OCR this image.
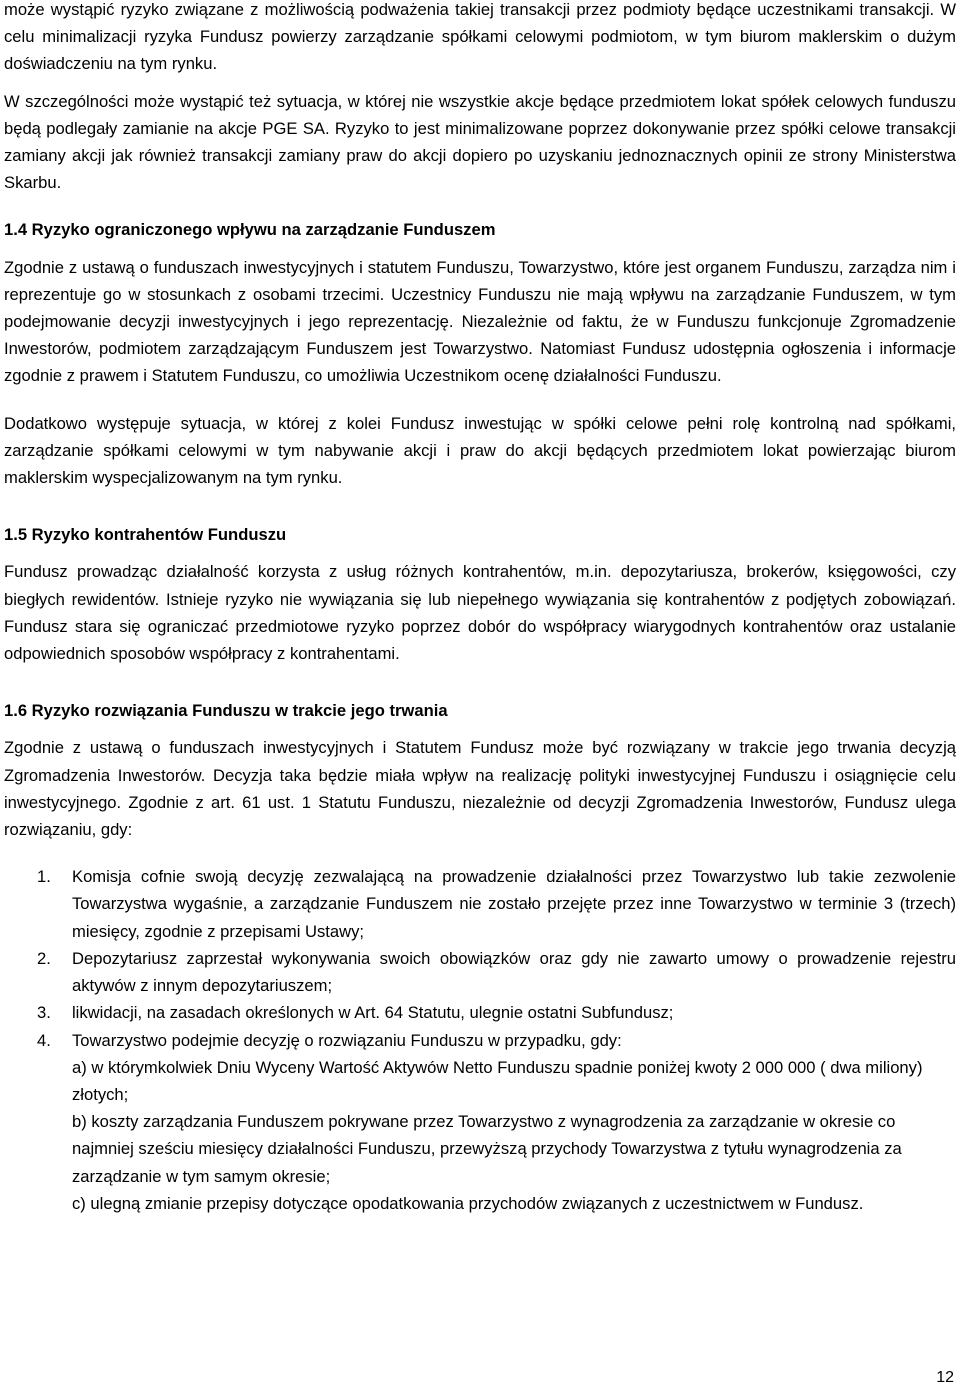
może wystąpić ryzyko związane z możliwością podważenia takiej transakcji przez podmioty będące uczestnikami transakcji. W celu minimalizacji ryzyka Fundusz powierzy zarządzanie spółkami celowymi podmiotom, w tym biurom maklerskim o dużym doświadczeniu na tym rynku.

W szczególności może wystąpić też sytuacja, w której nie wszystkie akcje będące przedmiotem lokat spółek celowych funduszu będą podlegały zamianie na akcje PGE SA. Ryzyko to jest minimalizowane poprzez dokonywanie przez spółki celowe transakcji zamiany akcji jak również transakcji zamiany praw do akcji dopiero po uzyskaniu jednoznacznych opinii ze strony Ministerstwa Skarbu.

1.4 Ryzyko ograniczonego wpływu na zarządzanie Funduszem

Zgodnie z ustawą o funduszach inwestycyjnych i statutem Funduszu, Towarzystwo, które jest organem Funduszu, zarządza nim i reprezentuje go w stosunkach z osobami trzecimi. Uczestnicy Funduszu nie mają wpływu na zarządzanie Funduszem, w tym podejmowanie decyzji inwestycyjnych i jego reprezentację. Niezależnie od faktu, że w Funduszu funkcjonuje Zgromadzenie Inwestorów, podmiotem zarządzającym Funduszem jest Towarzystwo. Natomiast Fundusz udostępnia ogłoszenia i informacje zgodnie z prawem i Statutem Funduszu, co umożliwia Uczestnikom ocenę działalności Funduszu.

Dodatkowo występuje sytuacja, w której z kolei Fundusz inwestując w spółki celowe pełni rolę kontrolną nad spółkami, zarządzanie spółkami celowymi w tym nabywanie akcji i praw do akcji będących przedmiotem lokat powierzając biurom maklerskim wyspecjalizowanym na tym rynku.

1.5 Ryzyko kontrahentów Funduszu

Fundusz prowadząc działalność korzysta z usług różnych kontrahentów, m.in. depozytariusza, brokerów, księgowości, czy biegłych rewidentów. Istnieje ryzyko nie wywiązania się lub niepełnego wywiązania się kontrahentów z podjętych zobowiązań. Fundusz stara się ograniczać przedmiotowe ryzyko poprzez dobór do współpracy wiarygodnych kontrahentów oraz ustalanie odpowiednich sposobów współpracy z kontrahentami.

1.6 Ryzyko rozwiązania Funduszu w trakcie jego trwania

Zgodnie z ustawą o funduszach inwestycyjnych i Statutem Fundusz może być rozwiązany w trakcie jego trwania decyzją Zgromadzenia Inwestorów. Decyzja taka będzie miała wpływ na realizację polityki inwestycyjnej Funduszu i osiągnięcie celu inwestycyjnego. Zgodnie z art. 61 ust. 1 Statutu Funduszu, niezależnie od decyzji Zgromadzenia Inwestorów, Fundusz ulega rozwiązaniu, gdy:

1. Komisja cofnie swoją decyzję zezwalającą na prowadzenie działalności przez Towarzystwo lub takie zezwolenie Towarzystwa wygaśnie, a zarządzanie Funduszem nie zostało przejęte przez inne Towarzystwo w terminie 3 (trzech) miesięcy, zgodnie z przepisami Ustawy;
2. Depozytariusz zaprzestał wykonywania swoich obowiązków oraz gdy nie zawarto umowy o prowadzenie rejestru aktywów z innym depozytariuszem;
3. likwidacji, na zasadach określonych w Art. 64 Statutu, ulegnie ostatni Subfundusz;
4. Towarzystwo podejmie decyzję o rozwiązaniu Funduszu w przypadku, gdy:
a) w którymkolwiek Dniu Wyceny Wartość Aktywów Netto Funduszu spadnie poniżej kwoty 2 000 000 ( dwa miliony) złotych;
b) koszty zarządzania Funduszem pokrywane przez Towarzystwo z wynagrodzenia za zarządzanie w okresie co najmniej sześciu miesięcy działalności Funduszu, przewyższą przychody Towarzystwa z tytułu wynagrodzenia za zarządzanie w tym samym okresie;
c) ulegną zmianie przepisy dotyczące opodatkowania przychodów związanych z uczestnictwem w Fundusz.
12
